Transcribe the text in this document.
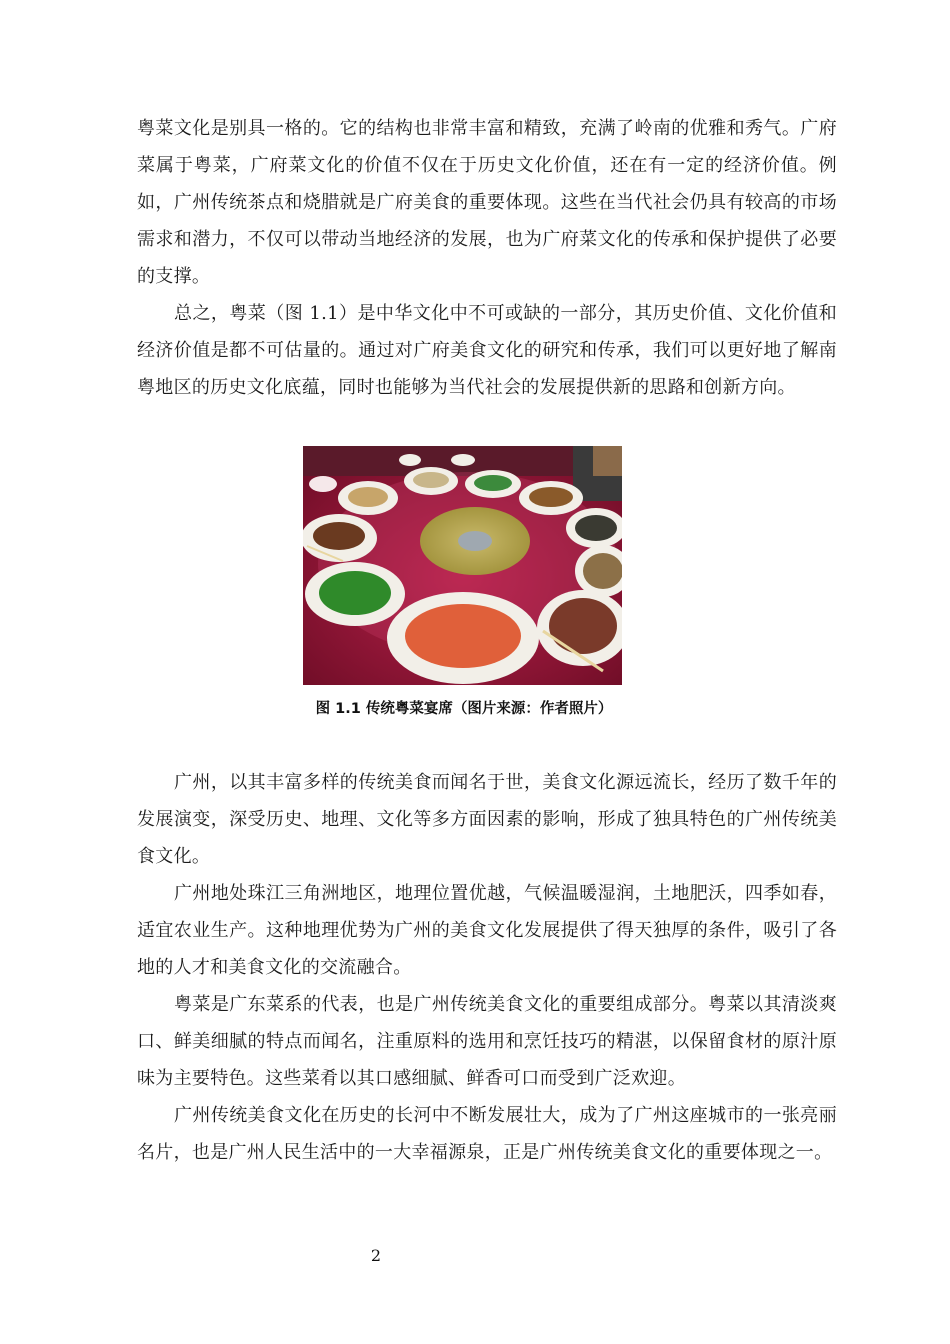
粤菜文化是别具一格的。它的结构也非常丰富和精致，充满了岭南的优雅和秀气。广府菜属于粤菜，广府菜文化的价值不仅在于历史文化价值，还在有一定的经济价值。例如，广州传统茶点和烧腊就是广府美食的重要体现。这些在当代社会仍具有较高的市场需求和潜力，不仅可以带动当地经济的发展，也为广府菜文化的传承和保护提供了必要的支撑。

总之，粤菜（图 1.1）是中华文化中不可或缺的一部分，其历史价值、文化价值和经济价值是都不可估量的。通过对广府美食文化的研究和传承，我们可以更好地了解南粤地区的历史文化底蕴，同时也能够为当代社会的发展提供新的思路和创新方向。

图 1.1 传统粤菜宴席（图片来源：作者照片）

广州，以其丰富多样的传统美食而闻名于世，美食文化源远流长，经历了数千年的发展演变，深受历史、地理、文化等多方面因素的影响，形成了独具特色的广州传统美食文化。

广州地处珠江三角洲地区，地理位置优越，气候温暖湿润，土地肥沃，四季如春，适宜农业生产。这种地理优势为广州的美食文化发展提供了得天独厚的条件，吸引了各地的人才和美食文化的交流融合。

粤菜是广东菜系的代表，也是广州传统美食文化的重要组成部分。粤菜以其清淡爽口、鲜美细腻的特点而闻名，注重原料的选用和烹饪技巧的精湛，以保留食材的原汁原味为主要特色。这些菜肴以其口感细腻、鲜香可口而受到广泛欢迎。

广州传统美食文化在历史的长河中不断发展壮大，成为了广州这座城市的一张亮丽名片，也是广州人民生活中的一大幸福源泉，正是广州传统美食文化的重要体现之一。

2
